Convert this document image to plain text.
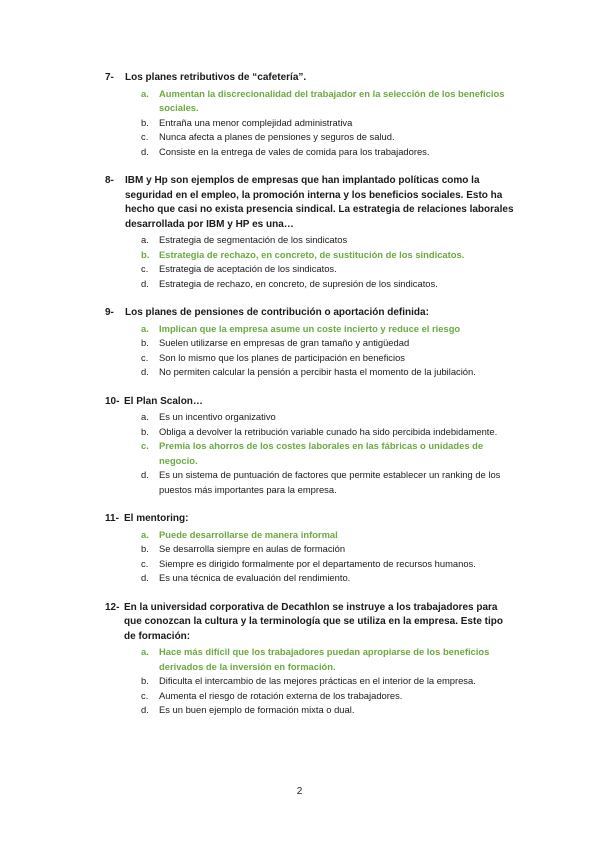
7-	Los planes retributivos de “cafetería”.
a.	Aumentan la discrecionalidad del trabajador en la selección de los beneficios sociales.
b.	Entraña una menor complejidad administrativa
c.	Nunca afecta a planes de pensiones y seguros de salud.
d.	Consiste en la entrega de vales de comida para los trabajadores.
8-	IBM y Hp son ejemplos de empresas que han implantado políticas como la seguridad en el empleo, la promoción interna y los beneficios sociales. Esto ha hecho que casi no exista presencia sindical. La estrategia de relaciones laborales desarrollada por IBM y HP es una…
a.	Estrategia de segmentación de los sindicatos
b.	Estrategia de rechazo, en concreto, de sustitución de los sindicatos.
c.	Estrategia de aceptación de los sindicatos.
d.	Estrategia de rechazo, en concreto, de supresión de los sindicatos.
9-	Los planes de pensiones de contribución o aportación definida:
a.	Implican que la empresa asume un coste incierto y reduce el riesgo
b.	Suelen utilizarse en empresas de gran tamaño y antigüedad
c.	Son lo mismo que los planes de participación en beneficios
d.	No permiten calcular la pensión a percibir hasta el momento de la jubilación.
10- El Plan Scalon…
a.	Es un incentivo organizativo
b.	Obliga a devolver la retribución variable cunado ha sido percibida indebidamente.
c.	Premia los ahorros de los costes laborales en las fábricas o unidades de negocio.
d.	Es un sistema de puntuación de factores que permite establecer un ranking de los puestos más importantes para la empresa.
11- El mentoring:
a.	Puede desarrollarse de manera informal
b.	Se desarrolla siempre en aulas de formación
c.	Siempre es dirigido formalmente por el departamento de recursos humanos.
d.	Es una técnica de evaluación del rendimiento.
12- En la universidad corporativa de Decathlon se instruye a los trabajadores para que conozcan la cultura y la terminología que se utiliza en la empresa. Este tipo de formación:
a.	Hace más difícil que los trabajadores puedan apropiarse de los beneficios derivados de la inversión en formación.
b.	Dificulta el intercambio de las mejores prácticas en el interior de la empresa.
c.	Aumenta el riesgo de rotación externa de los trabajadores.
d.	Es un buen ejemplo de formación mixta o dual.
2
